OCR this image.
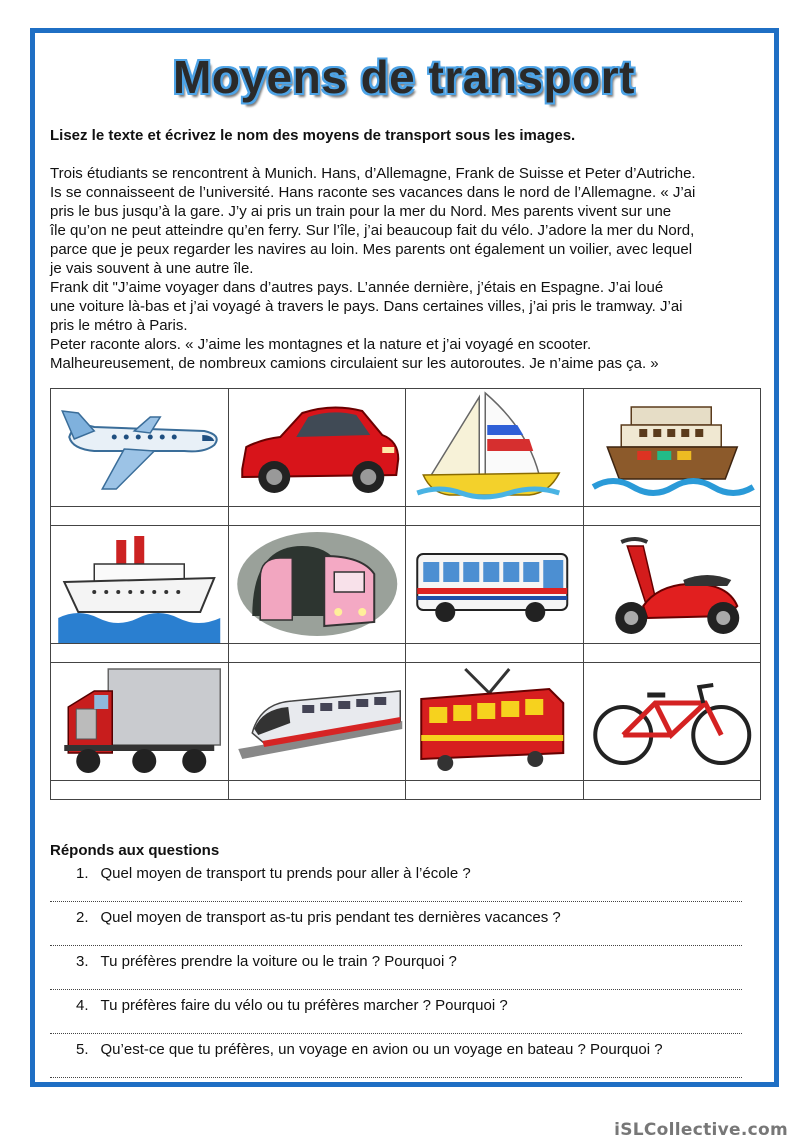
Moyens de transport
Lisez le texte et écrivez le nom des moyens de transport sous les images.

Trois étudiants se rencontrent à Munich. Hans, d’Allemagne, Frank de Suisse et Peter d’Autriche.

Is se connaisseent de l’université. Hans raconte ses vacances dans le nord de l’Allemagne. « J’ai

pris le bus jusqu’à la gare. J’y ai pris un train pour la mer du Nord. Mes parents vivent sur une

île qu’on ne peut atteindre qu’en ferry. Sur l’île, j’ai beaucoup fait du vélo. J’adore la mer du Nord,

parce que je peux regarder les navires au loin. Mes parents ont également un voilier, avec lequel

je vais souvent à une autre île.

Frank dit "J’aime voyager dans d’autres pays. L’année dernière, j’étais en Espagne. J’ai loué

une voiture là-bas et j’ai voyagé à travers le pays. Dans certaines villes, j’ai pris le tramway. J’ai

pris le métro à Paris.

Peter raconte alors. « J’aime les montagnes et la nature et j’ai voyagé en scooter.

Malheureusement, de nombreux camions circulaient sur les autoroutes. Je n’aime pas ça. »

Réponds aux questions
1. Quel moyen de transport tu prends pour aller à l’école ?
2. Quel moyen de transport as-tu pris pendant tes dernières vacances ?
3. Tu préfères prendre la voiture ou le train ? Pourquoi ?
4. Tu préfères faire du vélo ou tu préfères marcher ? Pourquoi ?
5. Qu’est-ce que tu préfères, un voyage en avion ou un voyage en bateau ? Pourquoi ?
iSLCollective.com
